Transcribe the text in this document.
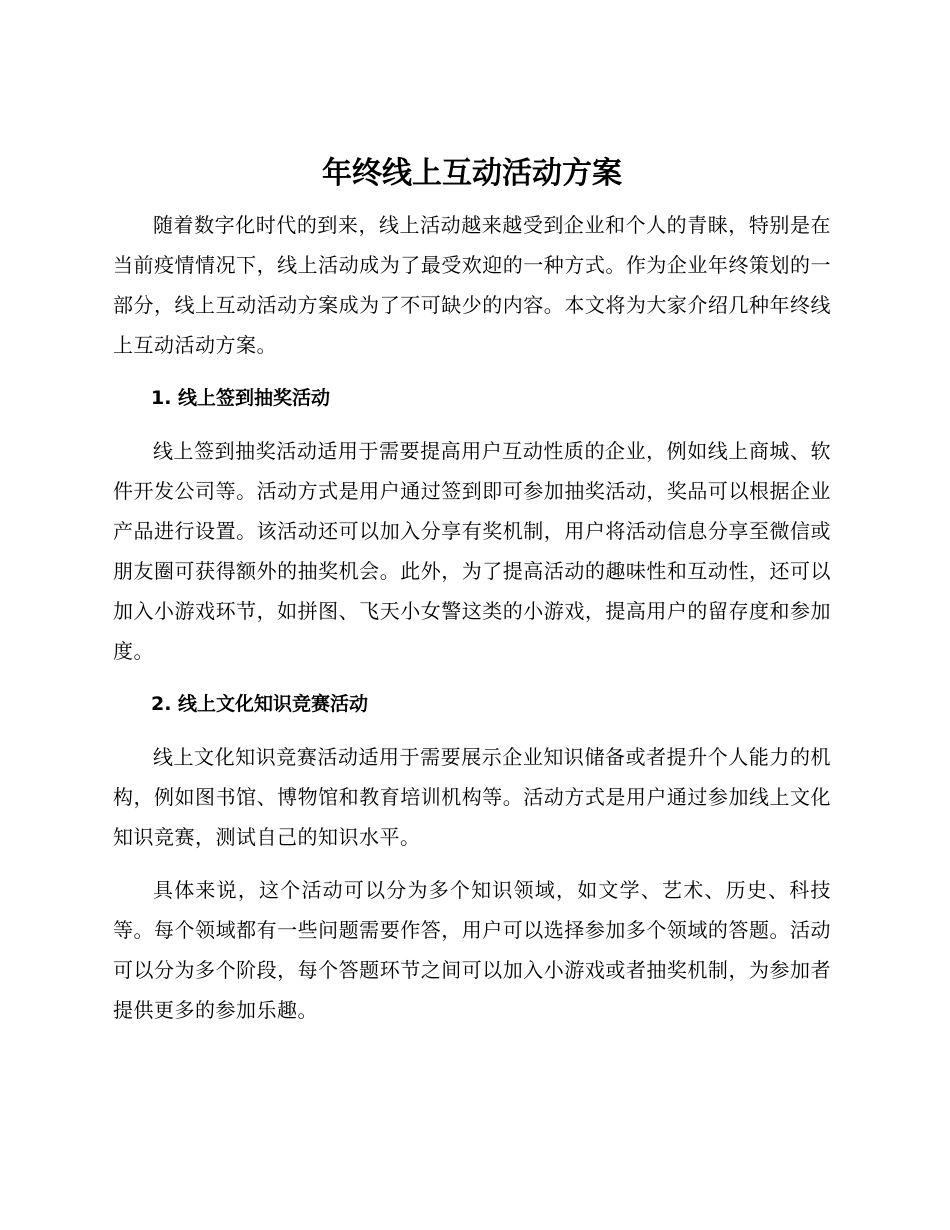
年终线上互动活动方案

随着数字化时代的到来，线上活动越来越受到企业和个人的青睐，特别是在当前疫情情况下，线上活动成为了最受欢迎的一种方式。作为企业年终策划的一部分，线上互动活动方案成为了不可缺少的内容。本文将为大家介绍几种年终线上互动活动方案。

1. 线上签到抽奖活动

线上签到抽奖活动适用于需要提高用户互动性质的企业，例如线上商城、软件开发公司等。活动方式是用户通过签到即可参加抽奖活动，奖品可以根据企业产品进行设置。该活动还可以加入分享有奖机制，用户将活动信息分享至微信或朋友圈可获得额外的抽奖机会。此外，为了提高活动的趣味性和互动性，还可以加入小游戏环节，如拼图、飞天小女警这类的小游戏，提高用户的留存度和参加度。

2. 线上文化知识竞赛活动

线上文化知识竞赛活动适用于需要展示企业知识储备或者提升个人能力的机构，例如图书馆、博物馆和教育培训机构等。活动方式是用户通过参加线上文化知识竞赛，测试自己的知识水平。

具体来说，这个活动可以分为多个知识领域，如文学、艺术、历史、科技等。每个领域都有一些问题需要作答，用户可以选择参加多个领域的答题。活动可以分为多个阶段，每个答题环节之间可以加入小游戏或者抽奖机制，为参加者提供更多的参加乐趣。
